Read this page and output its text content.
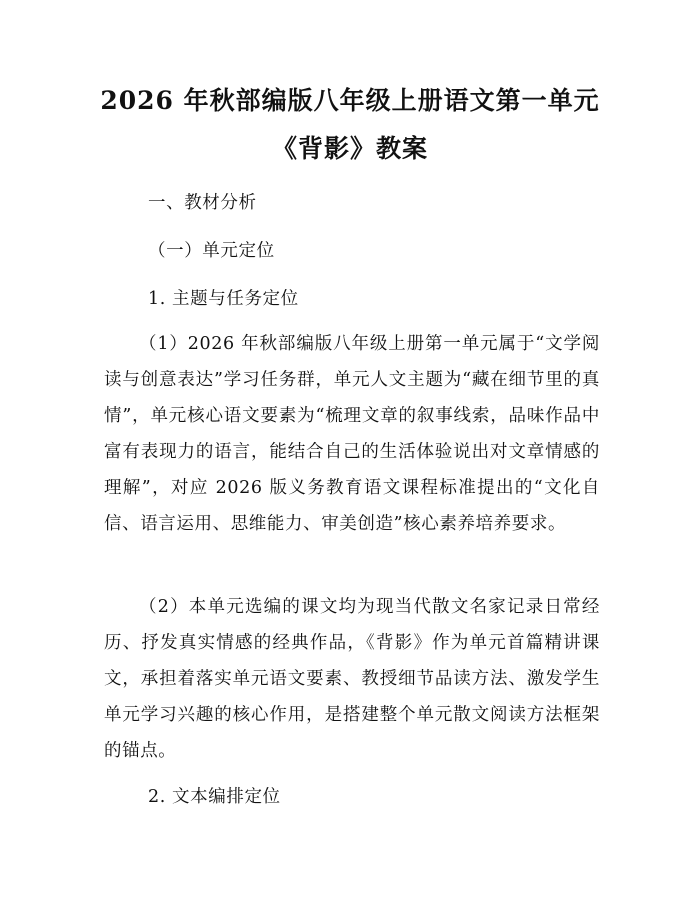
2026 年秋部编版八年级上册语文第一单元
《背影》教案
一、教材分析
（一）单元定位
1. 主题与任务定位
（1）2026 年秋部编版八年级上册第一单元属于“文学阅读与创意表达”学习任务群，单元人文主题为“藏在细节里的真情”，单元核心语文要素为“梳理文章的叙事线索，品味作品中富有表现力的语言，能结合自己的生活体验说出对文章情感的理解”，对应 2026 版义务教育语文课程标准提出的“文化自信、语言运用、思维能力、审美创造”核心素养培养要求。
（2）本单元选编的课文均为现当代散文名家记录日常经历、抒发真实情感的经典作品，《背影》作为单元首篇精讲课文，承担着落实单元语文要素、教授细节品读方法、激发学生单元学习兴趣的核心作用，是搭建整个单元散文阅读方法框架的锚点。
2. 文本编排定位
